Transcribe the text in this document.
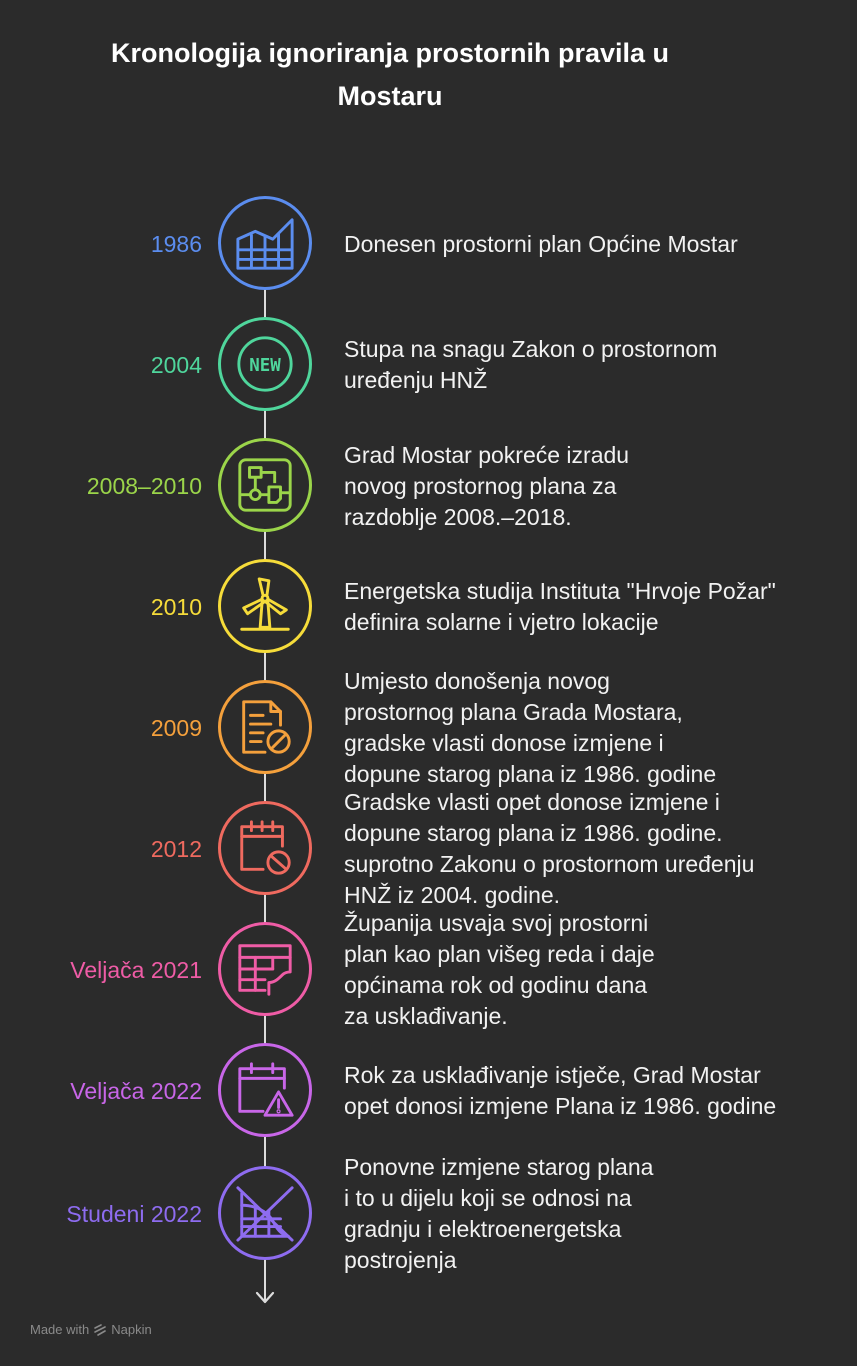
Kronologija ignoriranja prostornih pravila u Mostaru
1986	Donesen prostorni plan Općine Mostar
2004	NEW
Stupa na snagu Zakon o prostornom
uređenju HNŽ
2008–2010
Grad Mostar pokreće izradu
novog prostornog plana za
razdoblje 2008.–2018.
2010
Energetska studija Instituta "Hrvoje Požar"
definira solarne i vjetro lokacije
2009
Umjesto donošenja novog
prostornog plana Grada Mostara,
gradske vlasti donose izmjene i
dopune starog plana iz 1986. godine
2012
Gradske vlasti opet donose izmjene i
dopune starog plana iz 1986. godine.
suprotno Zakonu o prostornom uređenju
HNŽ iz 2004. godine.
Veljača 2021
Županija usvaja svoj prostorni
plan kao plan višeg reda i daje
općinama rok od godinu dana
za usklađivanje.
Veljača 2022
Rok za usklađivanje istječe, Grad Mostar
opet donosi izmjene Plana iz 1986. godine
Studeni 2022
Ponovne izmjene starog plana
i to u dijelu koji se odnosi na
gradnju i elektroenergetska
postrojenja
Made with Napkin
